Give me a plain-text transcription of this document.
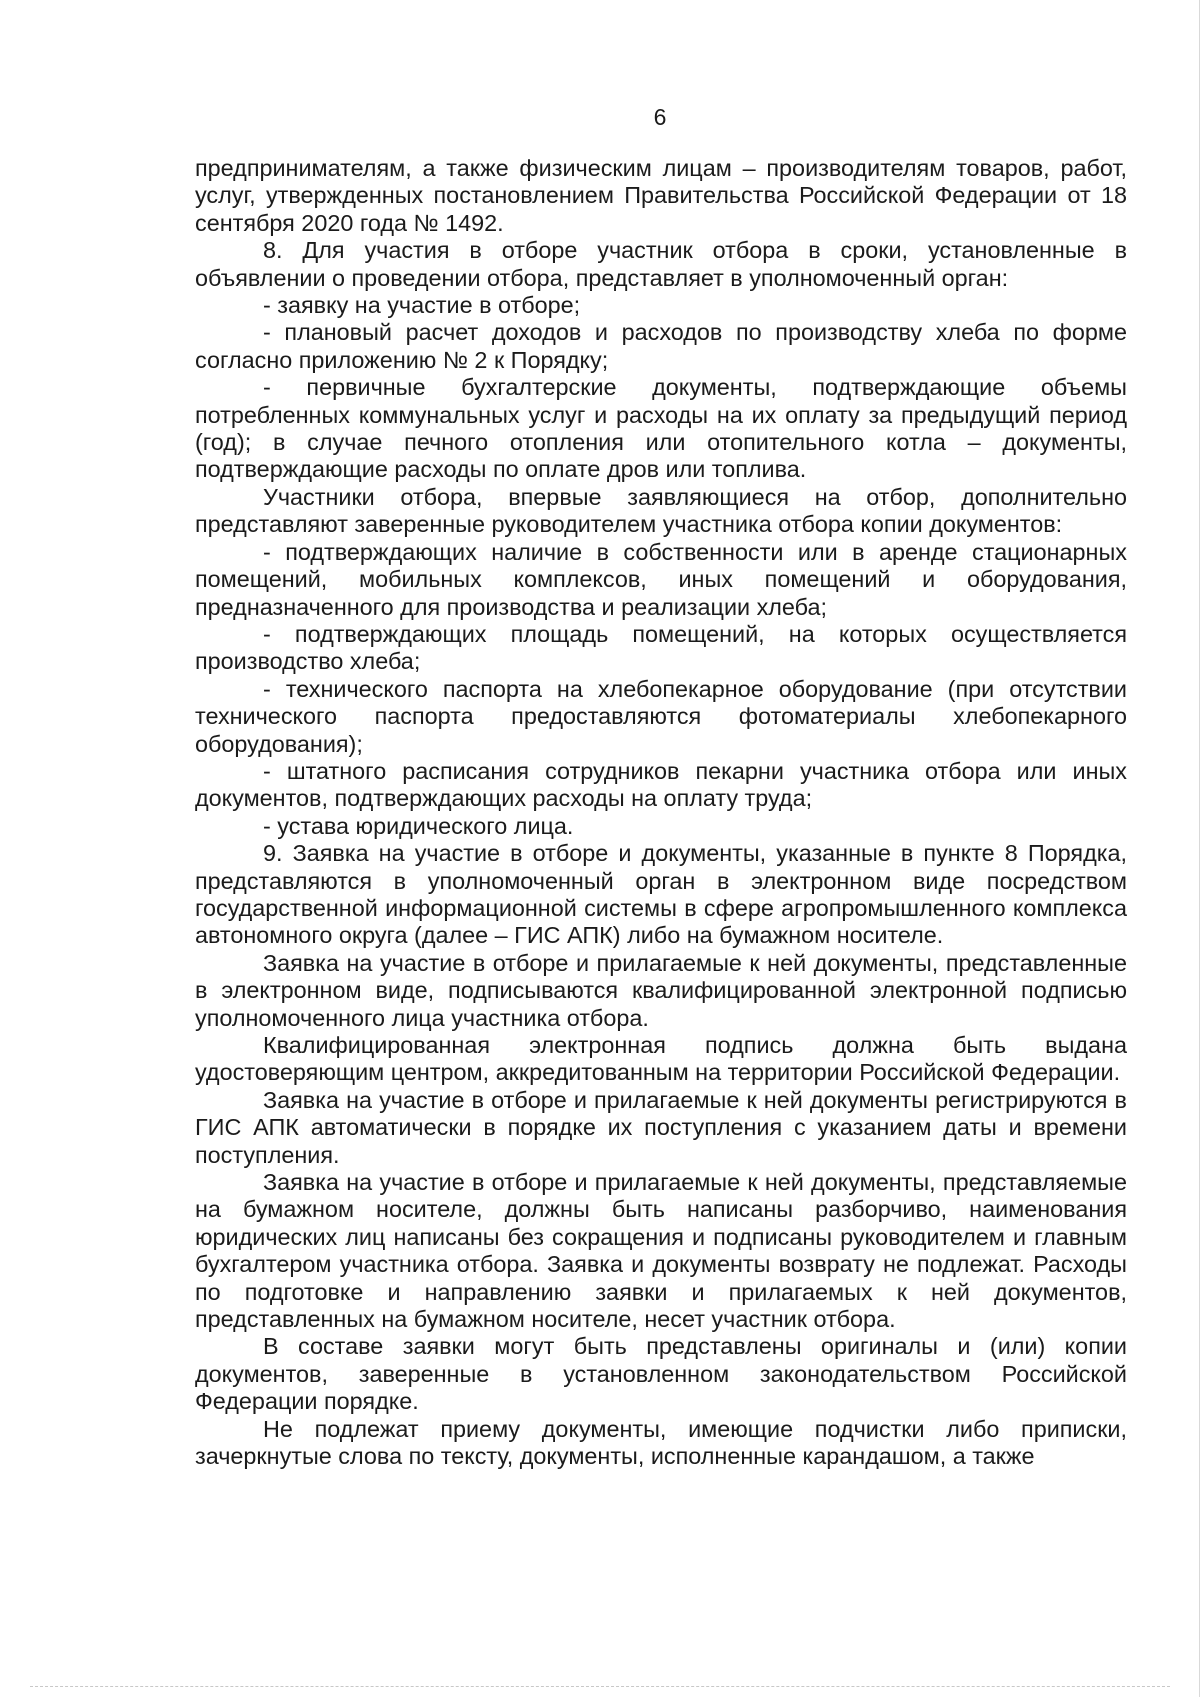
6

предпринимателям, а также физическим лицам – производителям товаров, работ, услуг, утвержденных постановлением Правительства Российской Федерации от 18 сентября 2020 года № 1492.

8. Для участия в отборе участник отбора в сроки, установленные в объявлении о проведении отбора, представляет в уполномоченный орган:

- заявку на участие в отборе;

- плановый расчет доходов и расходов по производству хлеба по форме согласно приложению № 2 к Порядку;

- первичные бухгалтерские документы, подтверждающие объемы потребленных коммунальных услуг и расходы на их оплату за предыдущий период (год); в случае печного отопления или отопительного котла – документы, подтверждающие расходы по оплате дров или топлива.

Участники отбора, впервые заявляющиеся на отбор, дополнительно представляют заверенные руководителем участника отбора копии документов:

- подтверждающих наличие в собственности или в аренде стационарных помещений, мобильных комплексов, иных помещений и оборудования, предназначенного для производства и реализации хлеба;

- подтверждающих площадь помещений, на которых осуществляется производство хлеба;

- технического паспорта на хлебопекарное оборудование (при отсутствии технического паспорта предоставляются фотоматериалы хлебопекарного оборудования);

- штатного расписания сотрудников пекарни участника отбора или иных документов, подтверждающих расходы на оплату труда;

- устава юридического лица.

9. Заявка на участие в отборе и документы, указанные в пункте 8 Порядка, представляются в уполномоченный орган в электронном виде посредством государственной информационной системы в сфере агропромышленного комплекса автономного округа (далее – ГИС АПК) либо на бумажном носителе.

Заявка на участие в отборе и прилагаемые к ней документы, представленные в электронном виде, подписываются квалифицированной электронной подписью уполномоченного лица участника отбора.

Квалифицированная электронная подпись должна быть выдана удостоверяющим центром, аккредитованным на территории Российской Федерации.

Заявка на участие в отборе и прилагаемые к ней документы регистрируются в ГИС АПК автоматически в порядке их поступления с указанием даты и времени поступления.

Заявка на участие в отборе и прилагаемые к ней документы, представляемые на бумажном носителе, должны быть написаны разборчиво, наименования юридических лиц написаны без сокращения и подписаны руководителем и главным бухгалтером участника отбора. Заявка и документы возврату не подлежат. Расходы по подготовке и направлению заявки и прилагаемых к ней документов, представленных на бумажном носителе, несет участник отбора.

В составе заявки могут быть представлены оригиналы и (или) копии документов, заверенные в установленном законодательством Российской Федерации порядке.

Не подлежат приему документы, имеющие подчистки либо приписки, зачеркнутые слова по тексту, документы, исполненные карандашом, а также
